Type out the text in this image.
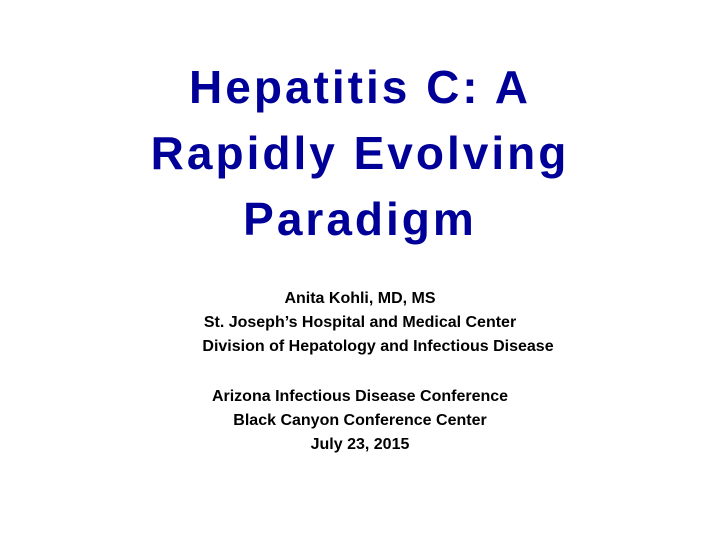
Hepatitis C: A
Rapidly Evolving
Paradigm
Anita Kohli, MD, MS
St. Joseph’s Hospital and Medical Center
Division of Hepatology and Infectious Disease
Arizona Infectious Disease Conference
Black Canyon Conference Center
July 23, 2015
